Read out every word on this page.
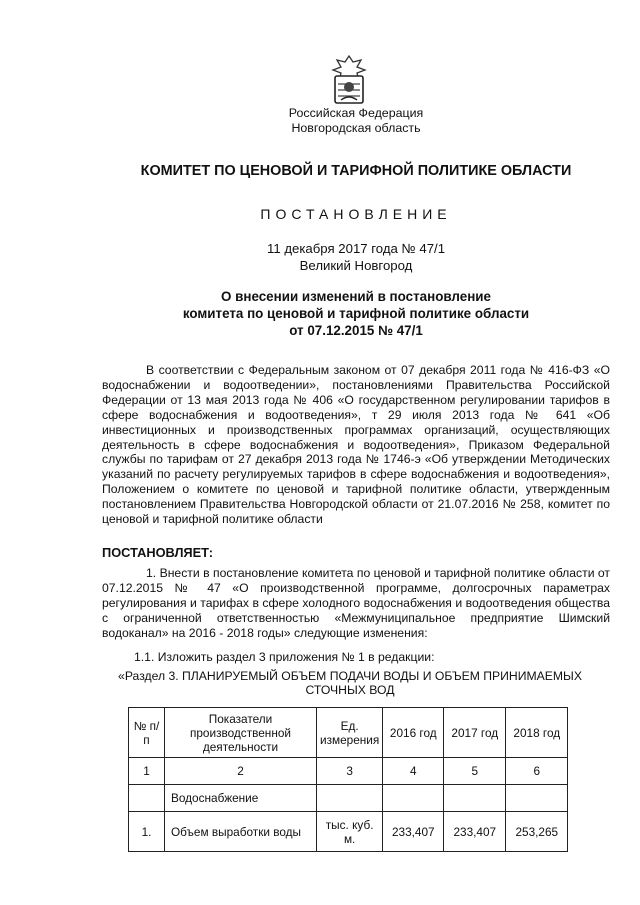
Российская Федерация
Новгородская область
КОМИТЕТ ПО ЦЕНОВОЙ И ТАРИФНОЙ ПОЛИТИКЕ ОБЛАСТИ
ПОСТАНОВЛЕНИЕ
11 декабря 2017 года № 47/1
Великий Новгород
О внесении изменений в постановление
комитета по ценовой и тарифной политике области
от 07.12.2015 № 47/1
В соответствии с Федеральным законом от 07 декабря 2011 года № 416-ФЗ «О водоснабжении и водоотведении», постановлениями Правительства Российской Федерации от 13 мая 2013 года № 406 «О государственном регулировании тарифов в сфере водоснабжения и водоотведения», т 29 июля 2013 года № 641 «Об инвестиционных и производственных программах организаций, осуществляющих деятельность в сфере водоснабжения и водоотведения», Приказом Федеральной службы по тарифам от 27 декабря 2013 года № 1746-э «Об утверждении Методических указаний по расчету регулируемых тарифов в сфере водоснабжения и водоотведения», Положением о комитете по ценовой и тарифной политике области, утвержденным постановлением Правительства Новгородской области от 21.07.2016 № 258, комитет по ценовой и тарифной политике области
ПОСТАНОВЛЯЕТ:
1. Внести в постановление комитета по ценовой и тарифной политике области от 07.12.2015 № 47 «О производственной программе, долгосрочных параметрах регулирования и тарифах в сфере холодного водоснабжения и водоотведения общества с ограниченной ответственностью «Межмуниципальное предприятие Шимский водоканал» на 2016 - 2018 годы» следующие изменения:
1.1. Изложить раздел 3 приложения № 1 в редакции:
«Раздел 3. ПЛАНИРУЕМЫЙ ОБЪЕМ ПОДАЧИ ВОДЫ И ОБЪЕМ ПРИНИМАЕМЫХ
СТОЧНЫХ ВОД
№ п/п	Показатели производственной деятельности	Ед. измерения	2016 год	2017 год	2018 год
1	2	3	4	5	6
	Водоснабжение				
1.	Объем выработки воды	тыс. куб. м.	233,407	233,407	253,265
